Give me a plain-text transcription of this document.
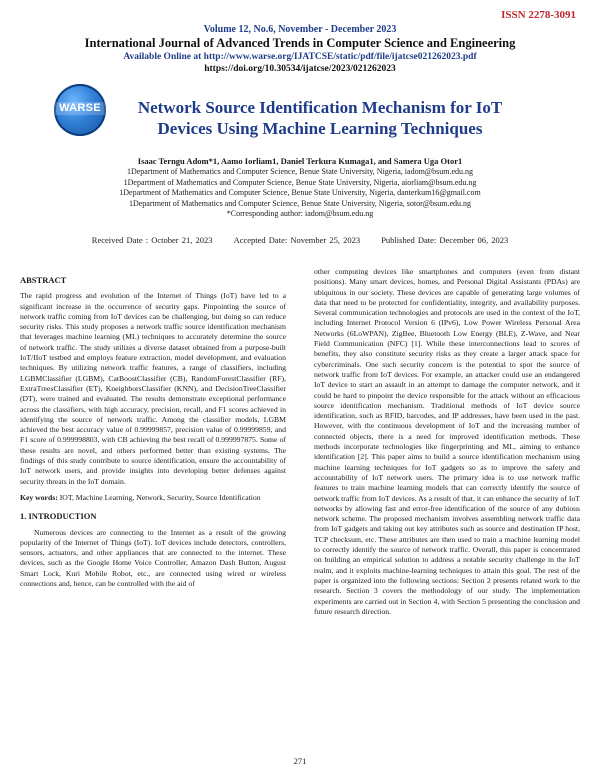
ISSN 2278-3091
Volume 12, No.6, November - December 2023
International Journal of Advanced Trends in Computer Science and Engineering
Available Online at http://www.warse.org/IJATCSE/static/pdf/file/ijatcse021262023.pdf
https://doi.org/10.30534/ijatcse/2023/021262023
WARSE	Network Source Identification Mechanism for IoT Devices Using Machine Learning Techniques
Isaac Terngu Adom*1, Aamo Iorliam1, Daniel Terkura Kumaga1, and Samera Uga Otor1
1Department of Mathematics and Computer Science, Benue State University, Nigeria, iadom@bsum.edu.ng
1Department of Mathematics and Computer Science, Benue State University, Nigeria, aiorliam@bsum.edu.ng
1Department of Mathematics and Computer Science, Benue State University, Nigeria, danterkum16@gmail.com
1Department of Mathematics and Computer Science, Benue State University, Nigeria, sotor@bsum.edu.ng
*Corresponding author: iadom@bsum.edu.ng
Received Date : October 21, 2023 Accepted Date: November 25, 2023 Published Date: December 06, 2023
ABSTRACT

The rapid progress and evolution of the Internet of Things (IoT) have led to a significant increase in the occurrence of security gaps. Pinpointing the source of network traffic coming from IoT devices can be challenging, but doing so can reduce security risks. This study proposes a network traffic source identification mechanism that leverages machine learning (ML) techniques to accurately determine the source of network traffic. The study utilizes a diverse dataset obtained from a purpose-built IoT/IIoT testbed and employs feature extraction, model development, and evaluation techniques. By utilizing network traffic features, a range of classifiers, including LGBMClassifier (LGBM), CatBoostClassifier (CB), RandomForestClassifier (RF), ExtraTreesClassifier (ET), KneighborsClassifier (KNN), and DecisionTreeClassifier (DT), were trained and evaluated. The results demonstrate exceptional performance across the classifiers, with high accuracy, precision, recall, and F1 scores achieved in identifying the source of network traffic. Among the classifier models, LGBM achieved the best accuracy value of 0.99999857, precision value of 0.99999859, and F1 score of 0.999998803, with CB achieving the best recall of 0.999997875. Some of these results are novel, and others performed better than existing systems. The findings of this study contribute to source identification, ensure the accountability of IoT network users, and provide insights into developing better defenses against security threats in the IoT domain.

Key words: IOT, Machine Learning, Network, Security, Source Identification

1. INTRODUCTION

Numerous devices are connecting to the Internet as a result of the growing popularity of the Internet of Things (IoT). IoT devices include detectors, controllers, sensors, actuators, and other appliances that are connected to the internet. These devices, such as the Google Home Voice Controller, Amazon Dash Button, August Smart Lock, Kuri Mobile Robot, etc., are connected using wired or wireless connections and, hence, can be controlled with the aid of

other computing devices like smartphones and computers (even from distant positions). Many smart devices, homes, and Personal Digital Assistants (PDAs) are ubiquitous in our society. These devices are capable of generating large volumes of data that need to be protected for confidentiality, integrity, and availability purposes. Several communication technologies and protocols are used in the context of the IoT, including Internet Protocol Version 6 (IPv6), Low Power Wireless Personal Area Networks (6LoWPAN), ZigBee, Bluetooth Low Energy (BLE), Z-Wave, and Near Field Communication (NFC) [1]. While these interconnections lead to scores of benefits, they also constitute security risks as they create a larger attack space for cybercriminals. One such security concern is the potential to spot the source of network traffic from IoT devices. For example, an attacker could use an endangered IoT device to start an assault in an attempt to damage the computer network, and it could be hard to pinpoint the device responsible for the attack without an efficacious source identification mechanism. Traditional methods of IoT device source identification, such as RFID, barcodes, and IP addresses, have been used in the past. However, with the continuous development of IoT and the increasing number of connected objects, there is a need for improved identification methods. These methods incorporate technologies like fingerprinting and ML, aiming to enhance identification [2]. This paper aims to build a source identification mechanism using machine learning techniques for IoT gadgets so as to improve the safety and accountability of IoT network users. The primary idea is to use network traffic features to train machine learning models that can correctly identify the source of network traffic from IoT devices. As a result of that, it can enhance the security of IoT networks by allowing fast and error-free identification of the source of any dubious network scheme. The proposed mechanism involves assembling network traffic data from IoT gadgets and taking out key attributes such as source and destination IP host, TCP checksum, etc. These attributes are then used to train a machine learning model to correctly identify the source of network traffic. Overall, this paper is concentrated on building an empirical solution to address a notable security challenge in the IoT realm, and it exploits machine-learning techniques to attain this goal. The rest of the paper is organized into the following sections: Section 2 presents related work to the research. Section 3 covers the methodology of our study. The implementation experiments are carried out in Section 4, with Section 5 presenting the conclusion and future research direction.

271
